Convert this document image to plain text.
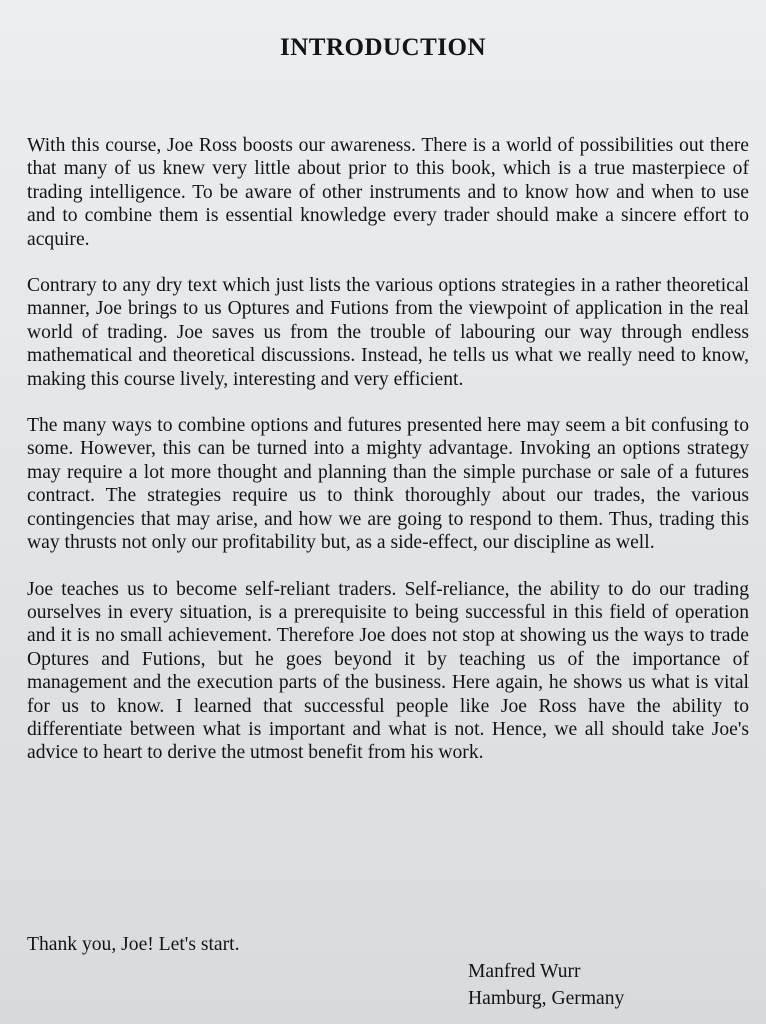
INTRODUCTION

With this course, Joe Ross boosts our awareness. There is a world of possibilities out there that many of us knew very little about prior to this book, which is a true masterpiece of trading intelligence. To be aware of other instruments and to know how and when to use and to combine them is essential knowledge every trader should make a sincere effort to acquire.

Contrary to any dry text which just lists the various options strategies in a rather theoretical manner, Joe brings to us Optures and Futions from the viewpoint of application in the real world of trading. Joe saves us from the trouble of labouring our way through endless mathematical and theoretical discussions. Instead, he tells us what we really need to know, making this course lively, interesting and very efficient.

The many ways to combine options and futures presented here may seem a bit confusing to some. However, this can be turned into a mighty advantage. Invoking an options strategy may require a lot more thought and planning than the simple purchase or sale of a futures contract. The strategies require us to think thoroughly about our trades, the various contingencies that may arise, and how we are going to respond to them. Thus, trading this way thrusts not only our profitability but, as a side-effect, our discipline as well.

Joe teaches us to become self-reliant traders. Self-reliance, the ability to do our trading ourselves in every situation, is a prerequisite to being successful in this field of operation and it is no small achievement. Therefore Joe does not stop at showing us the ways to trade Optures and Futions, but he goes beyond it by teaching us of the importance of management and the execution parts of the business. Here again, he shows us what is vital for us to know. I learned that successful people like Joe Ross have the ability to differentiate between what is important and what is not. Hence, we all should take Joe's advice to heart to derive the utmost benefit from his work.

Thank you, Joe! Let's start.

Manfred Wurr
Hamburg, Germany
